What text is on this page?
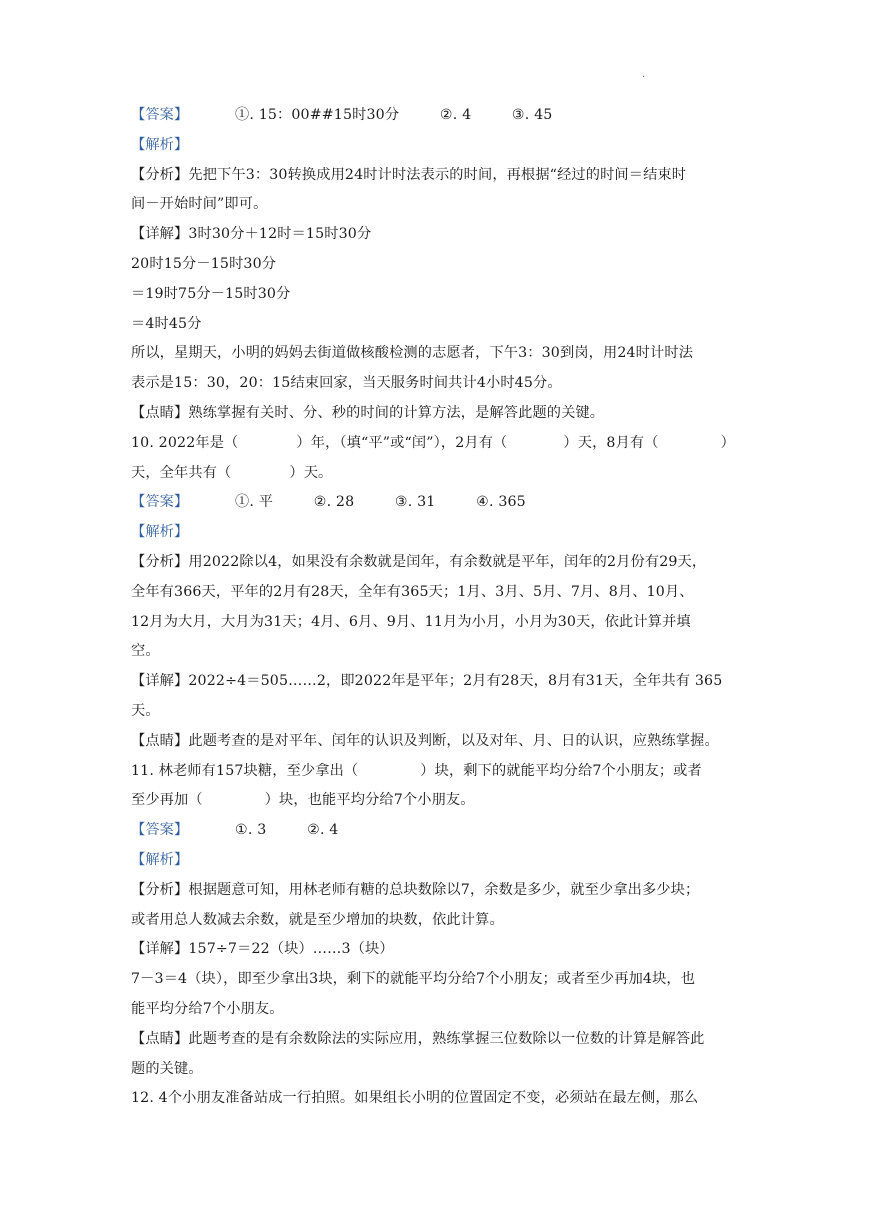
·
【答案】	①. 15：00##15时30分	②. 4	③. 45
【解析】
【分析】先把下午3：30转换成用24时计时法表示的时间，再根据“经过的时间＝结束时
间－开始时间”即可。
【详解】3时30分＋12时＝15时30分
20时15分－15时30分
＝19时75分－15时30分
＝4时45分
所以，星期天，小明的妈妈去街道做核酸检测的志愿者，下午3：30到岗，用24时计时法
表示是15：30，20：15结束回家，当天服务时间共计4小时45分。
【点睛】熟练掌握有关时、分、秒的时间的计算方法，是解答此题的关键。
10. 2022年是（	）年，（填“平”或“闰”），2月有（	）天，8月有（	）
天，全年共有（	）天。
【答案】	①. 平	②. 28	③. 31	④. 365
【解析】
【分析】用2022除以4，如果没有余数就是闰年，有余数就是平年，闰年的2月份有29天，
全年有366天，平年的2月有28天，全年有365天；1月、3月、5月、7月、8月、10月、
12月为大月，大月为31天；4月、6月、9月、11月为小月，小月为30天，依此计算并填
空。
【详解】2022÷4＝505……2，即2022年是平年；2月有28天，8月有31天，全年共有 365
天。
【点睛】此题考查的是对平年、闰年的认识及判断，以及对年、月、日的认识，应熟练掌握。
11. 林老师有157块糖，至少拿出（	）块，剩下的就能平均分给7个小朋友；或者
至少再加（	）块，也能平均分给7个小朋友。
【答案】	①. 3	②. 4
【解析】
【分析】根据题意可知，用林老师有糖的总块数除以7，余数是多少，就至少拿出多少块；
或者用总人数减去余数，就是至少增加的块数，依此计算。
【详解】157÷7＝22（块）……3（块）
7－3＝4（块），即至少拿出3块，剩下的就能平均分给7个小朋友；或者至少再加4块，也
能平均分给7个小朋友。
【点睛】此题考查的是有余数除法的实际应用，熟练掌握三位数除以一位数的计算是解答此
题的关键。
12. 4个小朋友准备站成一行拍照。如果组长小明的位置固定不变，必须站在最左侧，那么
